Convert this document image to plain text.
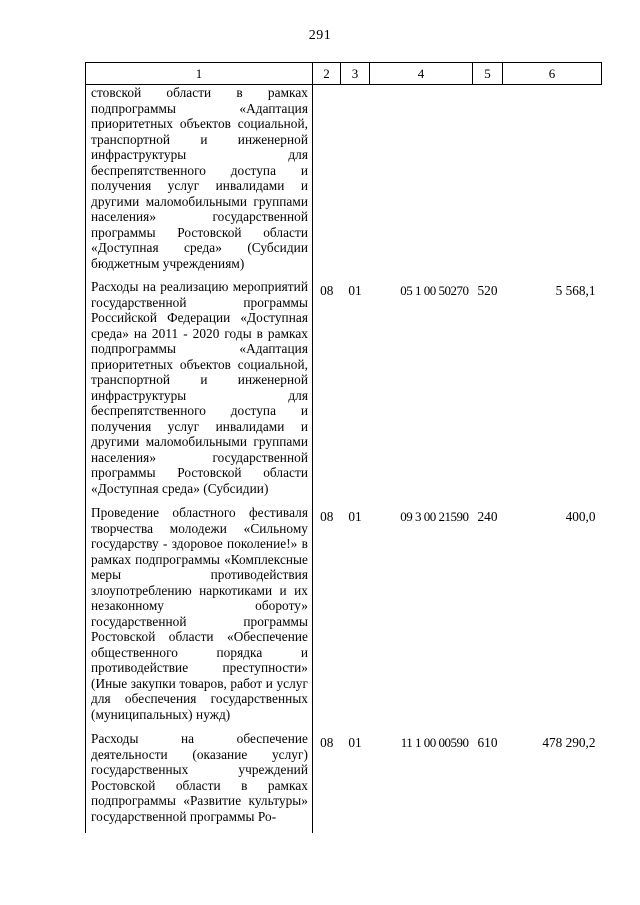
291
1	2	3	4	5	6
стовской области в рамках подпрограммы «Адаптация приоритетных объектов социальной, транспортной и инженерной инфраструктуры для беспрепятственного доступа и получения услуг инвалидами и другими маломобильными группами населения» государственной программы Ростовской области «Доступная среда» (Субсидии бюджетным учреждениям)					
Расходы на реализацию мероприятий государственной программы Российской Федерации «Доступная среда» на 2011 - 2020 годы в рамках подпрограммы «Адаптация приоритетных объектов социальной, транспортной и инженерной инфраструктуры для беспрепятственного доступа и получения услуг инвалидами и другими маломобильными группами населения» государственной программы Ростовской области «Доступная среда» (Субсидии)	08	01	05 1 00 50270	520	5 568,1
Проведение областного фестиваля творчества молодежи «Сильному государству - здоровое поколение!» в рамках подпрограммы «Комплексные меры противодействия злоупотреблению наркотиками и их незаконному обороту» государственной программы Ростовской области «Обеспечение общественного порядка и противодействие преступности» (Иные закупки товаров, работ и услуг для обеспечения государственных (муниципальных) нужд)	08	01	09 3 00 21590	240	400,0
Расходы на обеспечение деятельности (оказание услуг) государственных учреждений Ростовской области в рамках подпрограммы «Развитие культуры» государственной программы Ро-	08	01	11 1 00 00590	610	478 290,2
